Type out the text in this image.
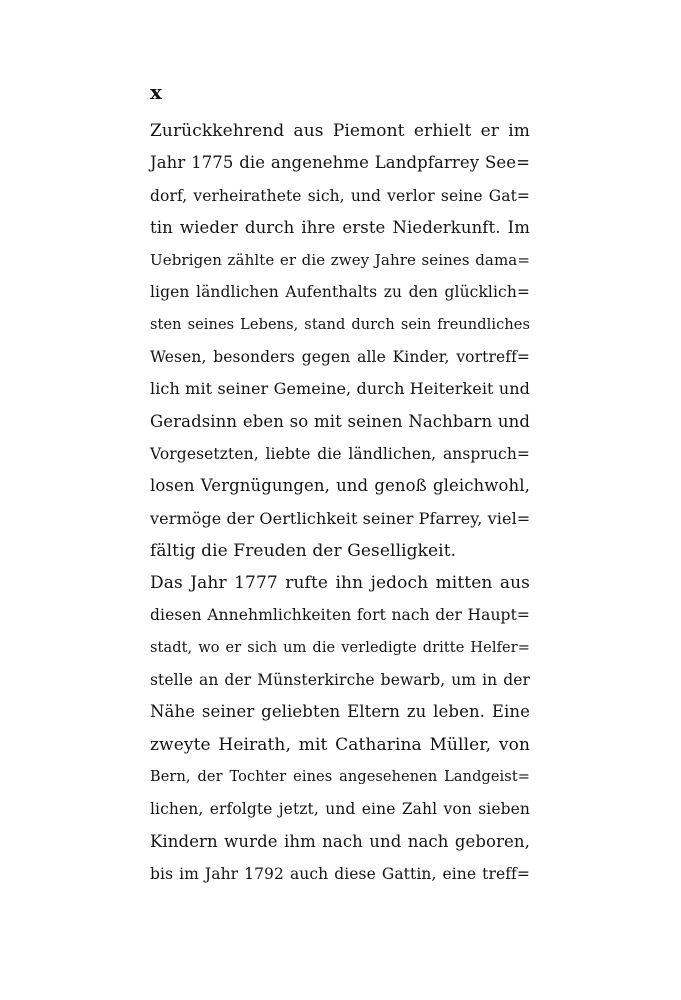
x
Zurückkehrend aus Piemont erhielt er im
Jahr 1775 die angenehme Landpfarrey See=
dorf, verheirathete sich, und verlor seine Gat=
tin wieder durch ihre erste Niederkunft. Im
Uebrigen zählte er die zwey Jahre seines dama=
ligen ländlichen Aufenthalts zu den glücklich=
sten seines Lebens, stand durch sein freundliches
Wesen, besonders gegen alle Kinder, vortreff=
lich mit seiner Gemeine, durch Heiterkeit und
Geradsinn eben so mit seinen Nachbarn und
Vorgesetzten, liebte die ländlichen, anspruch=
losen Vergnügungen, und genoß gleichwohl,
vermöge der Oertlichkeit seiner Pfarrey, viel=
fältig die Freuden der Geselligkeit.
Das Jahr 1777 rufte ihn jedoch mitten aus
diesen Annehmlichkeiten fort nach der Haupt=
stadt, wo er sich um die verledigte dritte Helfer=
stelle an der Münsterkirche bewarb, um in der
Nähe seiner geliebten Eltern zu leben. Eine
zweyte Heirath, mit Catharina Müller, von
Bern, der Tochter eines angesehenen Landgeist=
lichen, erfolgte jetzt, und eine Zahl von sieben
Kindern wurde ihm nach und nach geboren,
bis im Jahr 1792 auch diese Gattin, eine treff=
